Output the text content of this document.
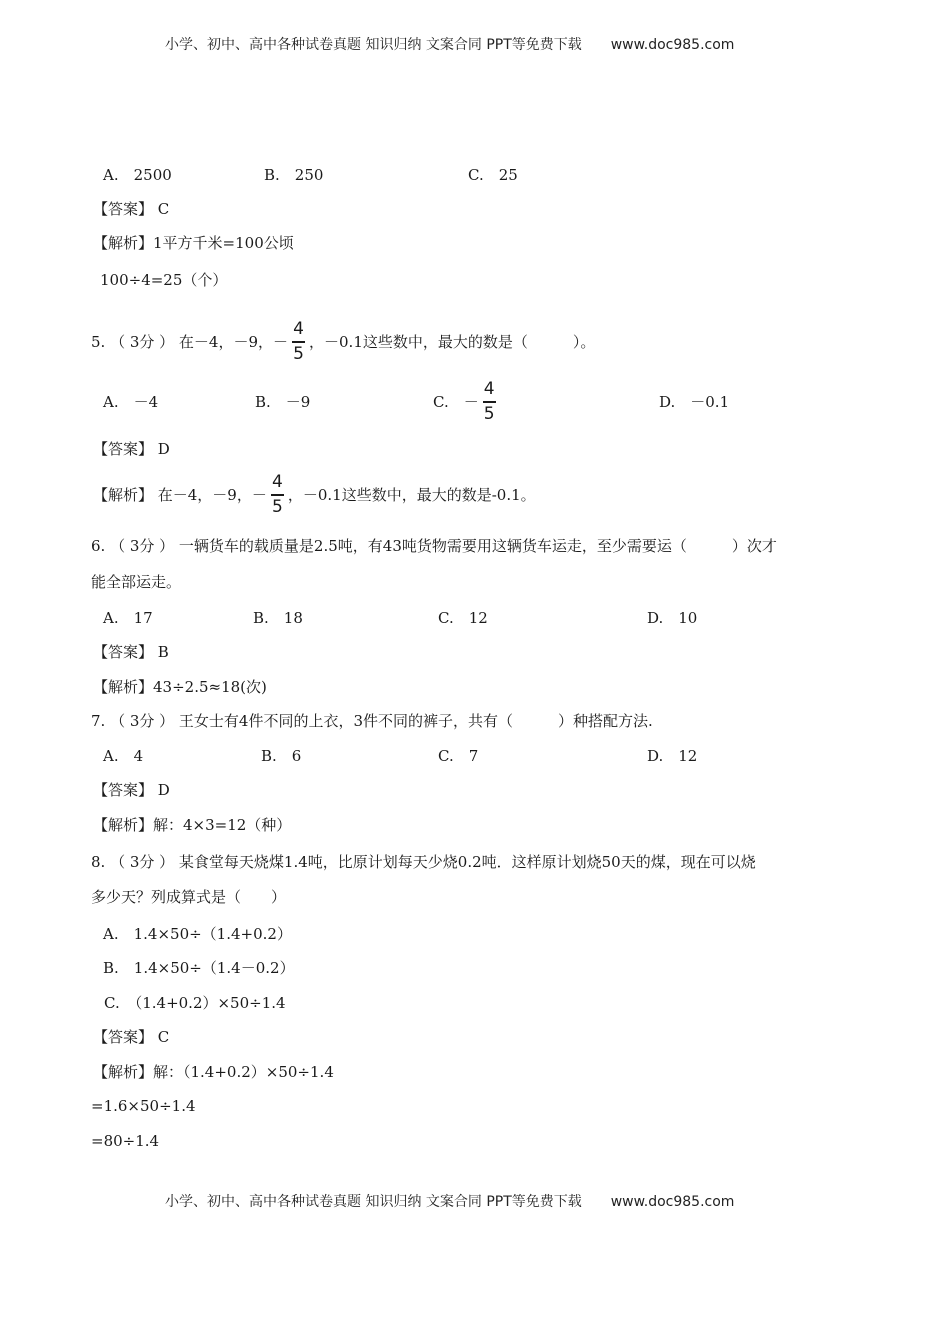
小学、初中、高中各种试卷真题 知识归纳 文案合同 PPT等免费下载 www.doc985.com
A.　2500	B.　250	C.　25
【答案】 C
【解析】1平方千米=100公顷
100÷4=25（个）
5. （ 3分 ） 在－4，－9，－ $\frac{4}{5}$ ，－0.1这些数中，最大的数是（　　　）。
A.　－4	B.　－9	C.　－ $\frac{4}{5}$	D.　－0.1
【答案】 D
【解析】 在－4，－9，－ $\frac{4}{5}$ ，－0.1这些数中，最大的数是-0.1。
6. （ 3分 ） 一辆货车的载质量是2.5吨，有43吨货物需要用这辆货车运走，至少需要运（　　　）次才
能全部运走。
A.　17	B.　18	C.　12	D.　10
【答案】 B
【解析】43÷2.5≈18(次)
7. （ 3分 ） 王女士有4件不同的上衣，3件不同的裤子，共有（　　　）种搭配方法.
A.　4	B.　6	C.　7	D.　12
【答案】 D
【解析】解：4×3=12（种）
8. （ 3分 ） 某食堂每天烧煤1.4吨，比原计划每天少烧0.2吨．这样原计划烧50天的煤，现在可以烧
多少天？列成算式是（　　）
A.　1.4×50÷（1.4+0.2）
B.　1.4×50÷（1.4－0.2）
C.　（1.4+0.2）×50÷1.4
【答案】 C
【解析】解：（1.4+0.2）×50÷1.4
=1.6×50÷1.4
=80÷1.4
小学、初中、高中各种试卷真题 知识归纳 文案合同 PPT等免费下载 www.doc985.com
